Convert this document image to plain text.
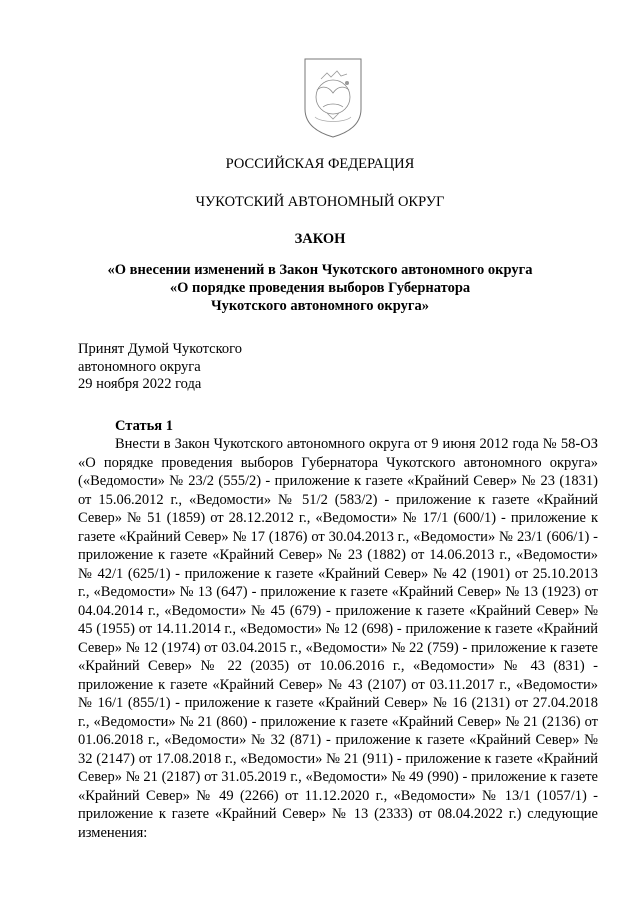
РОССИЙСКАЯ ФЕДЕРАЦИЯ
ЧУКОТСКИЙ АВТОНОМНЫЙ ОКРУГ
ЗАКОН
«О внесении изменений в Закон Чукотского автономного округа
«О порядке проведения выборов Губернатора
Чукотского автономного округа»
Принят Думой Чукотского
автономного округа
29 ноября 2022 года
Статья 1
Внести в Закон Чукотского автономного округа от 9 июня 2012 года № 58-ОЗ «О порядке проведения выборов Губернатора Чукотского автономного округа» («Ведомости» № 23/2 (555/2) - приложение к газете «Крайний Север» № 23 (1831) от 15.06.2012 г., «Ведомости» № 51/2 (583/2) - приложение к газете «Крайний Север» № 51 (1859) от 28.12.2012 г., «Ведомости» № 17/1 (600/1) - приложение к газете «Крайний Север» № 17 (1876) от 30.04.2013 г., «Ведомости» № 23/1 (606/1) - приложение к газете «Крайний Север» № 23 (1882) от 14.06.2013 г., «Ведомости» № 42/1 (625/1) - приложение к газете «Крайний Север» № 42 (1901) от 25.10.2013 г., «Ведомости» № 13 (647) - приложение к газете «Крайний Север» № 13 (1923) от 04.04.2014 г., «Ведомости» № 45 (679) - приложение к газете «Крайний Север» № 45 (1955) от 14.11.2014 г., «Ведомости» № 12 (698) - приложение к газете «Крайний Север» № 12 (1974) от 03.04.2015 г., «Ведомости» № 22 (759) - приложение к газете «Крайний Север» № 22 (2035) от 10.06.2016 г., «Ведомости» № 43 (831) - приложение к газете «Крайний Север» № 43 (2107) от 03.11.2017 г., «Ведомости» № 16/1 (855/1) - приложение к газете «Крайний Север» № 16 (2131) от 27.04.2018 г., «Ведомости» № 21 (860) - приложение к газете «Крайний Север» № 21 (2136) от 01.06.2018 г., «Ведомости» № 32 (871) - приложение к газете «Крайний Север» № 32 (2147) от 17.08.2018 г., «Ведомости» № 21 (911) - приложение к газете «Крайний Север» № 21 (2187) от 31.05.2019 г., «Ведомости» № 49 (990) - приложение к газете «Крайний Север» № 49 (2266) от 11.12.2020 г., «Ведомости» № 13/1 (1057/1) - приложение к газете «Крайний Север» № 13 (2333) от 08.04.2022 г.) следующие изменения:
